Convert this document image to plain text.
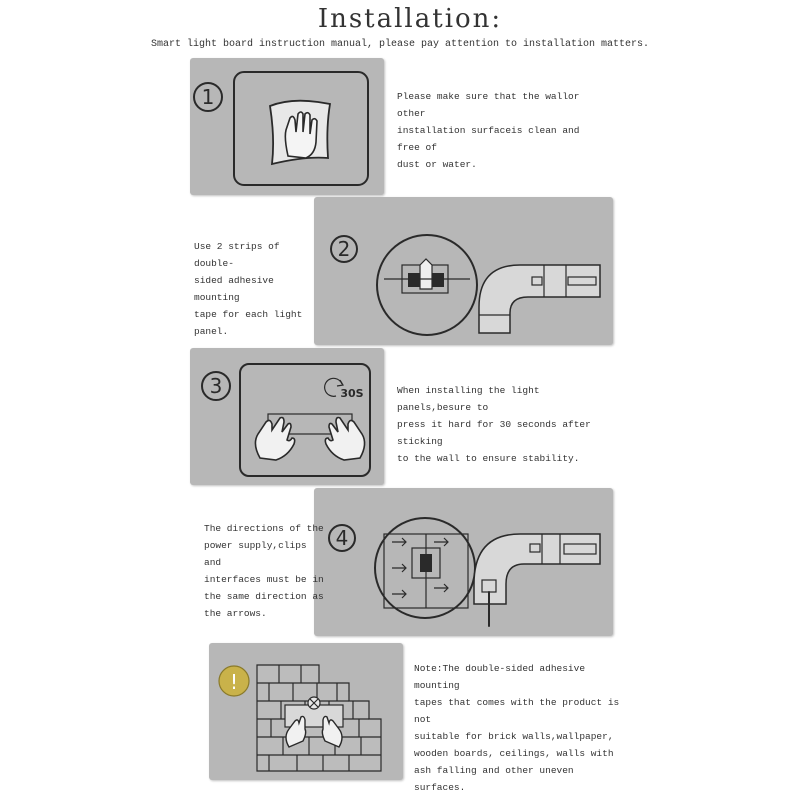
Installation:
Smart light board instruction manual, please pay attention to installation matters.
1	Please make sure that the wallor other
installation surfaceis clean and free of
dust or water.
2
Use 2 strips of double-
sided adhesive mounting
tape for each light
panel.
3	30S	When installing the light panels,besure to
press it hard for 30 seconds after sticking
to the wall to ensure stability.
4
The directions of the
power supply,clips and
interfaces must be in
the same direction as
the arrows.
!
Note:The double-sided adhesive mounting
tapes that comes with the product is not
suitable for brick walls,wallpaper,
wooden boards, ceilings, walls with
ash falling and other uneven surfaces.
